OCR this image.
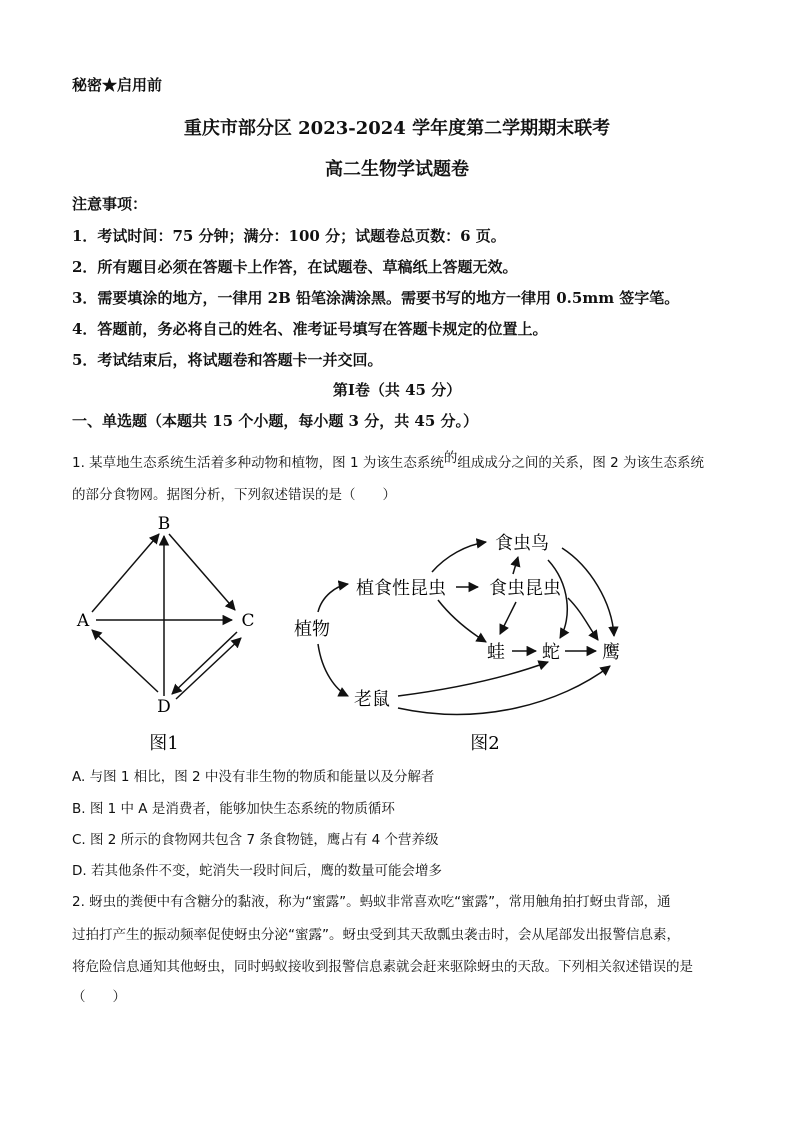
秘密★启用前
重庆市部分区 2023-2024 学年度第二学期期末联考
高二生物学试题卷
注意事项：
1．考试时间：75 分钟；满分：100 分；试题卷总页数：6 页。
2．所有题目必须在答题卡上作答，在试题卷、草稿纸上答题无效。
3．需要填涂的地方，一律用 2B 铅笔涂满涂黑。需要书写的地方一律用 0.5mm 签字笔。
4．答题前，务必将自己的姓名、准考证号填写在答题卡规定的位置上。
5．考试结束后，将试题卷和答题卡一并交回。
第Ⅰ卷（共 45 分）
一、单选题（本题共 15 个小题，每小题 3 分，共 45 分。）
1. 某草地生态系统生活着多种动物和植物，图 1 为该生态系统的组成成分之间的关系，图 2 为该生态系统
的部分食物网。据图分析，下列叙述错误的是（　　）
B
A	C
D
图1
植物
植食性昆虫
食虫鸟
食虫昆虫
蛙 蛇 鹰
老鼠
图2
A. 与图 1 相比，图 2 中没有非生物的物质和能量以及分解者
B. 图 1 中 A 是消费者，能够加快生态系统的物质循环
C. 图 2 所示的食物网共包含 7 条食物链，鹰占有 4 个营养级
D. 若其他条件不变，蛇消失一段时间后，鹰的数量可能会增多
2. 蚜虫的粪便中有含糖分的黏液，称为“蜜露”。蚂蚁非常喜欢吃“蜜露”，常用触角拍打蚜虫背部，通
过拍打产生的振动频率促使蚜虫分泌“蜜露”。蚜虫受到其天敌瓢虫袭击时，会从尾部发出报警信息素，
将危险信息通知其他蚜虫，同时蚂蚁接收到报警信息素就会赶来驱除蚜虫的天敌。下列相关叙述错误的是
（　　）
